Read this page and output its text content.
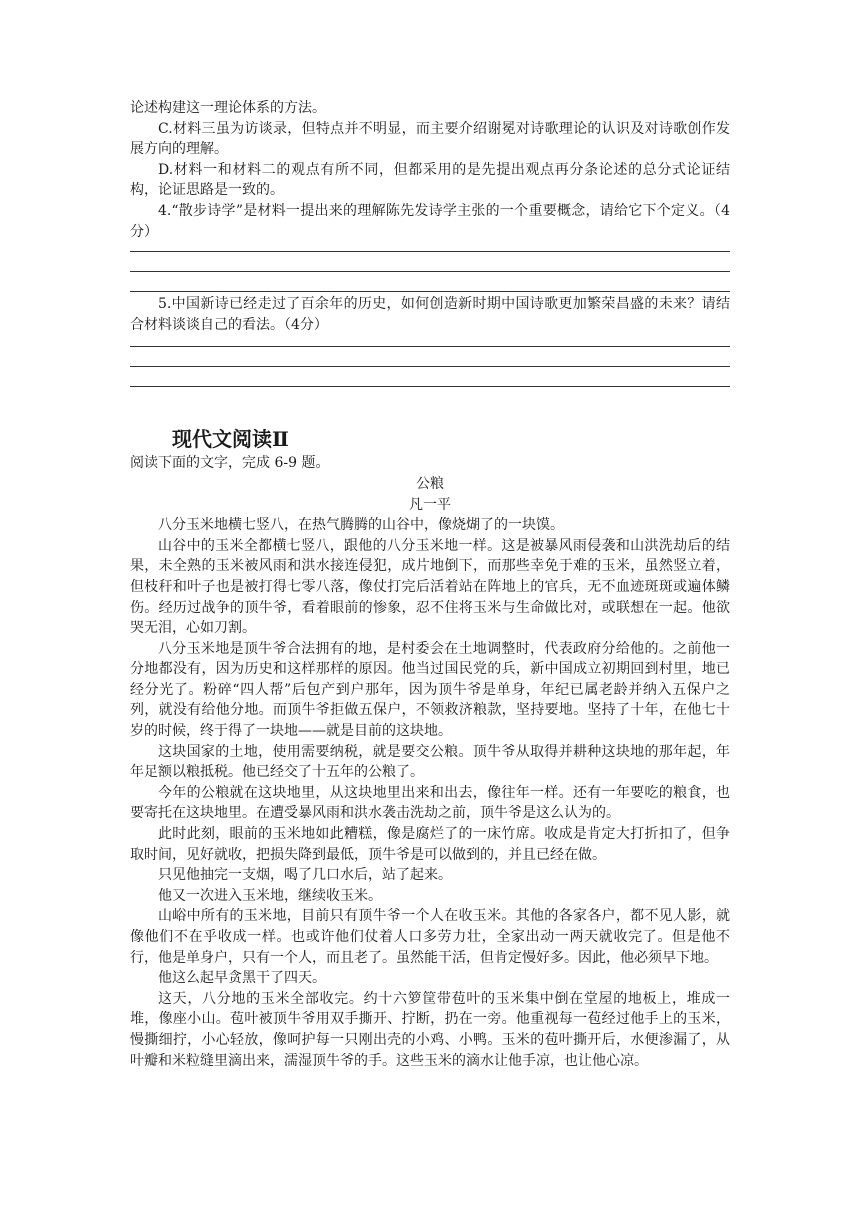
论述构建这一理论体系的方法。

C.材料三虽为访谈录，但特点并不明显，而主要介绍谢冕对诗歌理论的认识及对诗歌创作发展方向的理解。

D.材料一和材料二的观点有所不同，但都采用的是先提出观点再分条论述的总分式论证结构，论证思路是一致的。

4.“散步诗学”是材料一提出来的理解陈先发诗学主张的一个重要概念，请给它下个定义。（4分）

5.中国新诗已经走过了百余年的历史，如何创造新时期中国诗歌更加繁荣昌盛的未来？请结合材料谈谈自己的看法。（4分）

现代文阅读Ⅱ

阅读下面的文字，完成 6-9 题。

公粮

凡一平

八分玉米地横七竖八，在热气腾腾的山谷中，像烧煳了的一块馍。

山谷中的玉米全都横七竖八，跟他的八分玉米地一样。这是被暴风雨侵袭和山洪洗劫后的结果，未全熟的玉米被风雨和洪水接连侵犯，成片地倒下，而那些幸免于难的玉米，虽然竖立着，但枝秆和叶子也是被打得七零八落，像仗打完后活着站在阵地上的官兵，无不血迹斑斑或遍体鳞伤。经历过战争的顶牛爷，看着眼前的惨象，忍不住将玉米与生命做比对，或联想在一起。他欲哭无泪，心如刀割。

八分玉米地是顶牛爷合法拥有的地，是村委会在土地调整时，代表政府分给他的。之前他一分地都没有，因为历史和这样那样的原因。他当过国民党的兵，新中国成立初期回到村里，地已经分光了。粉碎“四人帮”后包产到户那年，因为顶牛爷是单身，年纪已属老龄并纳入五保户之列，就没有给他分地。而顶牛爷拒做五保户，不领救济粮款，坚持要地。坚持了十年，在他七十岁的时候，终于得了一块地——就是目前的这块地。

这块国家的土地，使用需要纳税，就是要交公粮。顶牛爷从取得并耕种这块地的那年起，年年足额以粮抵税。他已经交了十五年的公粮了。

今年的公粮就在这块地里，从这块地里出来和出去，像往年一样。还有一年要吃的粮食，也要寄托在这块地里。在遭受暴风雨和洪水袭击洗劫之前，顶牛爷是这么认为的。

此时此刻，眼前的玉米地如此糟糕，像是腐烂了的一床竹席。收成是肯定大打折扣了，但争取时间，见好就收，把损失降到最低，顶牛爷是可以做到的，并且已经在做。

只见他抽完一支烟，喝了几口水后，站了起来。

他又一次进入玉米地，继续收玉米。

山峪中所有的玉米地，目前只有顶牛爷一个人在收玉米。其他的各家各户，都不见人影，就像他们不在乎收成一样。也或许他们仗着人口多劳力壮，全家出动一两天就收完了。但是他不行，他是单身户，只有一个人，而且老了。虽然能干活，但肯定慢好多。因此，他必须早下地。

他这么起早贪黑干了四天。

这天，八分地的玉米全部收完。约十六箩筐带苞叶的玉米集中倒在堂屋的地板上，堆成一堆，像座小山。苞叶被顶牛爷用双手撕开、拧断，扔在一旁。他重视每一苞经过他手上的玉米，慢撕细拧，小心轻放，像呵护每一只刚出壳的小鸡、小鸭。玉米的苞叶撕开后，水便渗漏了，从叶瓣和米粒缝里滴出来，濡湿顶牛爷的手。这些玉米的滴水让他手凉，也让他心凉。
